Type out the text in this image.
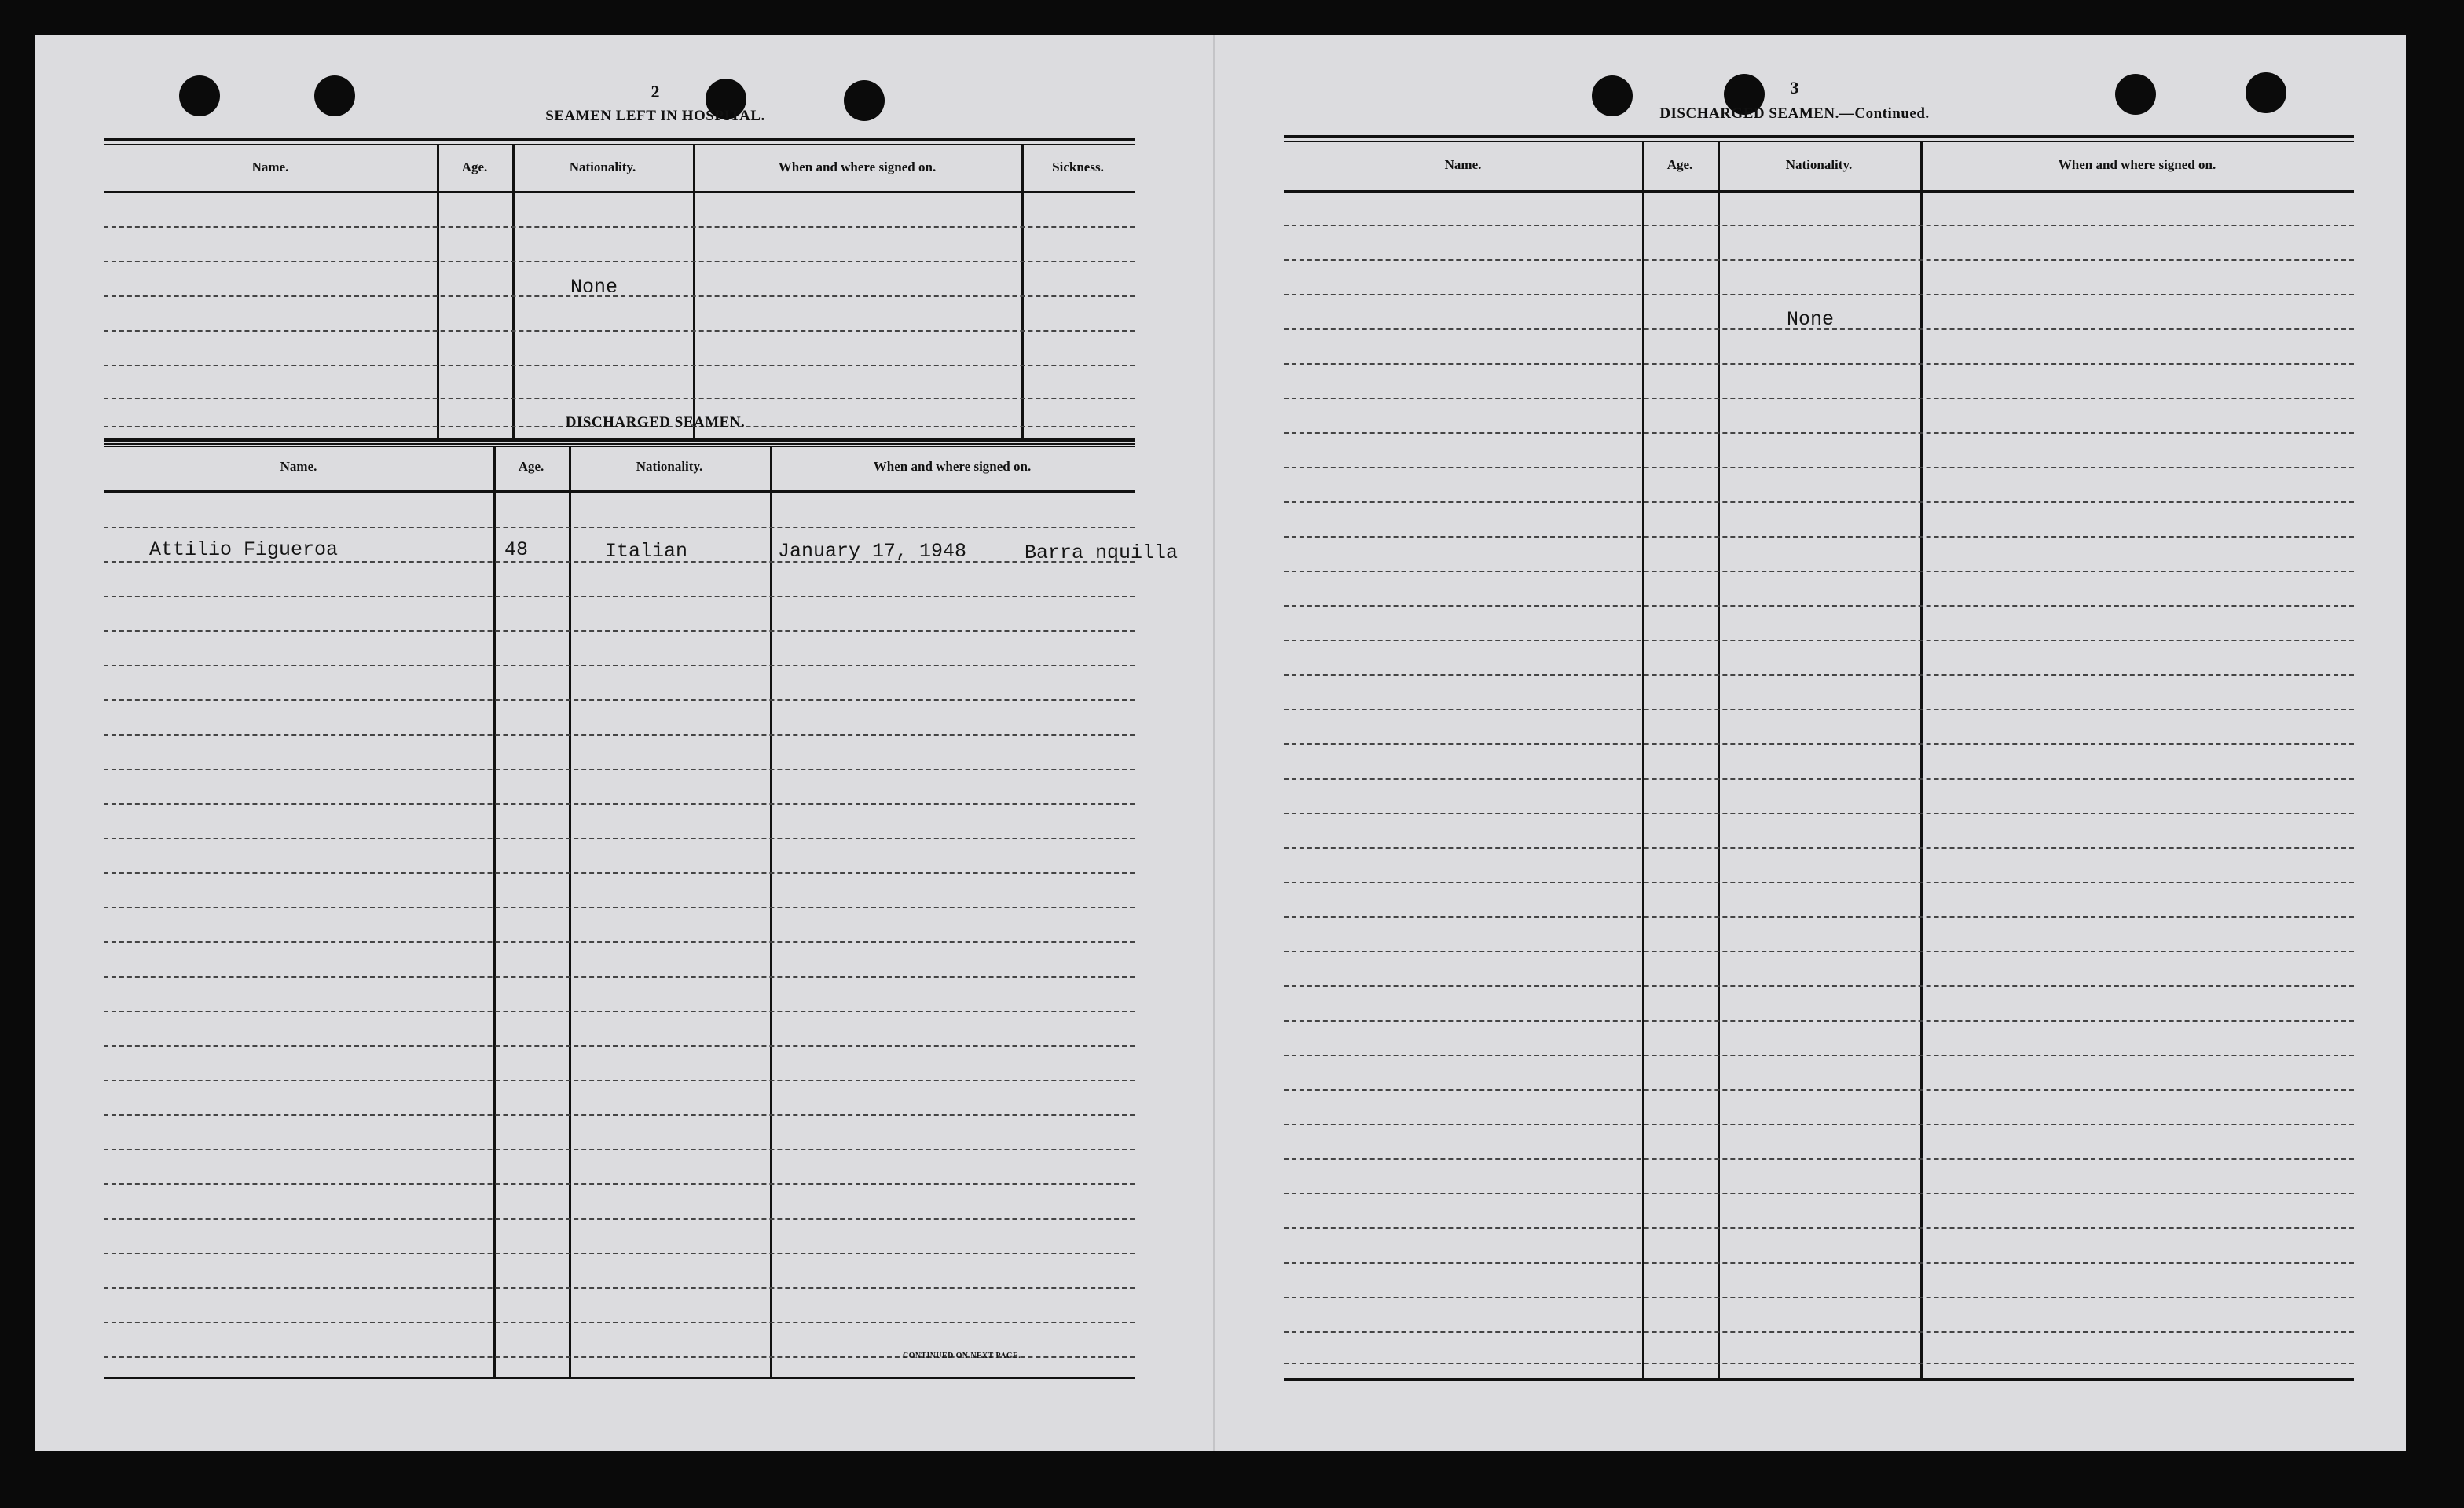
2
SEAMEN LEFT IN HOSPITAL.
Name.	Age.	Nationality.	When and where signed on.	Sickness.
None
DISCHARGED SEAMEN.
Name.	Age.	Nationality.	When and where signed on.
Attilio Figueroa	48	Italian	January 17, 1948	Barra nquilla
CONTINUED ON NEXT PAGE.
3
DISCHARGED SEAMEN.—Continued.
Name.	Age.	Nationality.	When and where signed on.
None
